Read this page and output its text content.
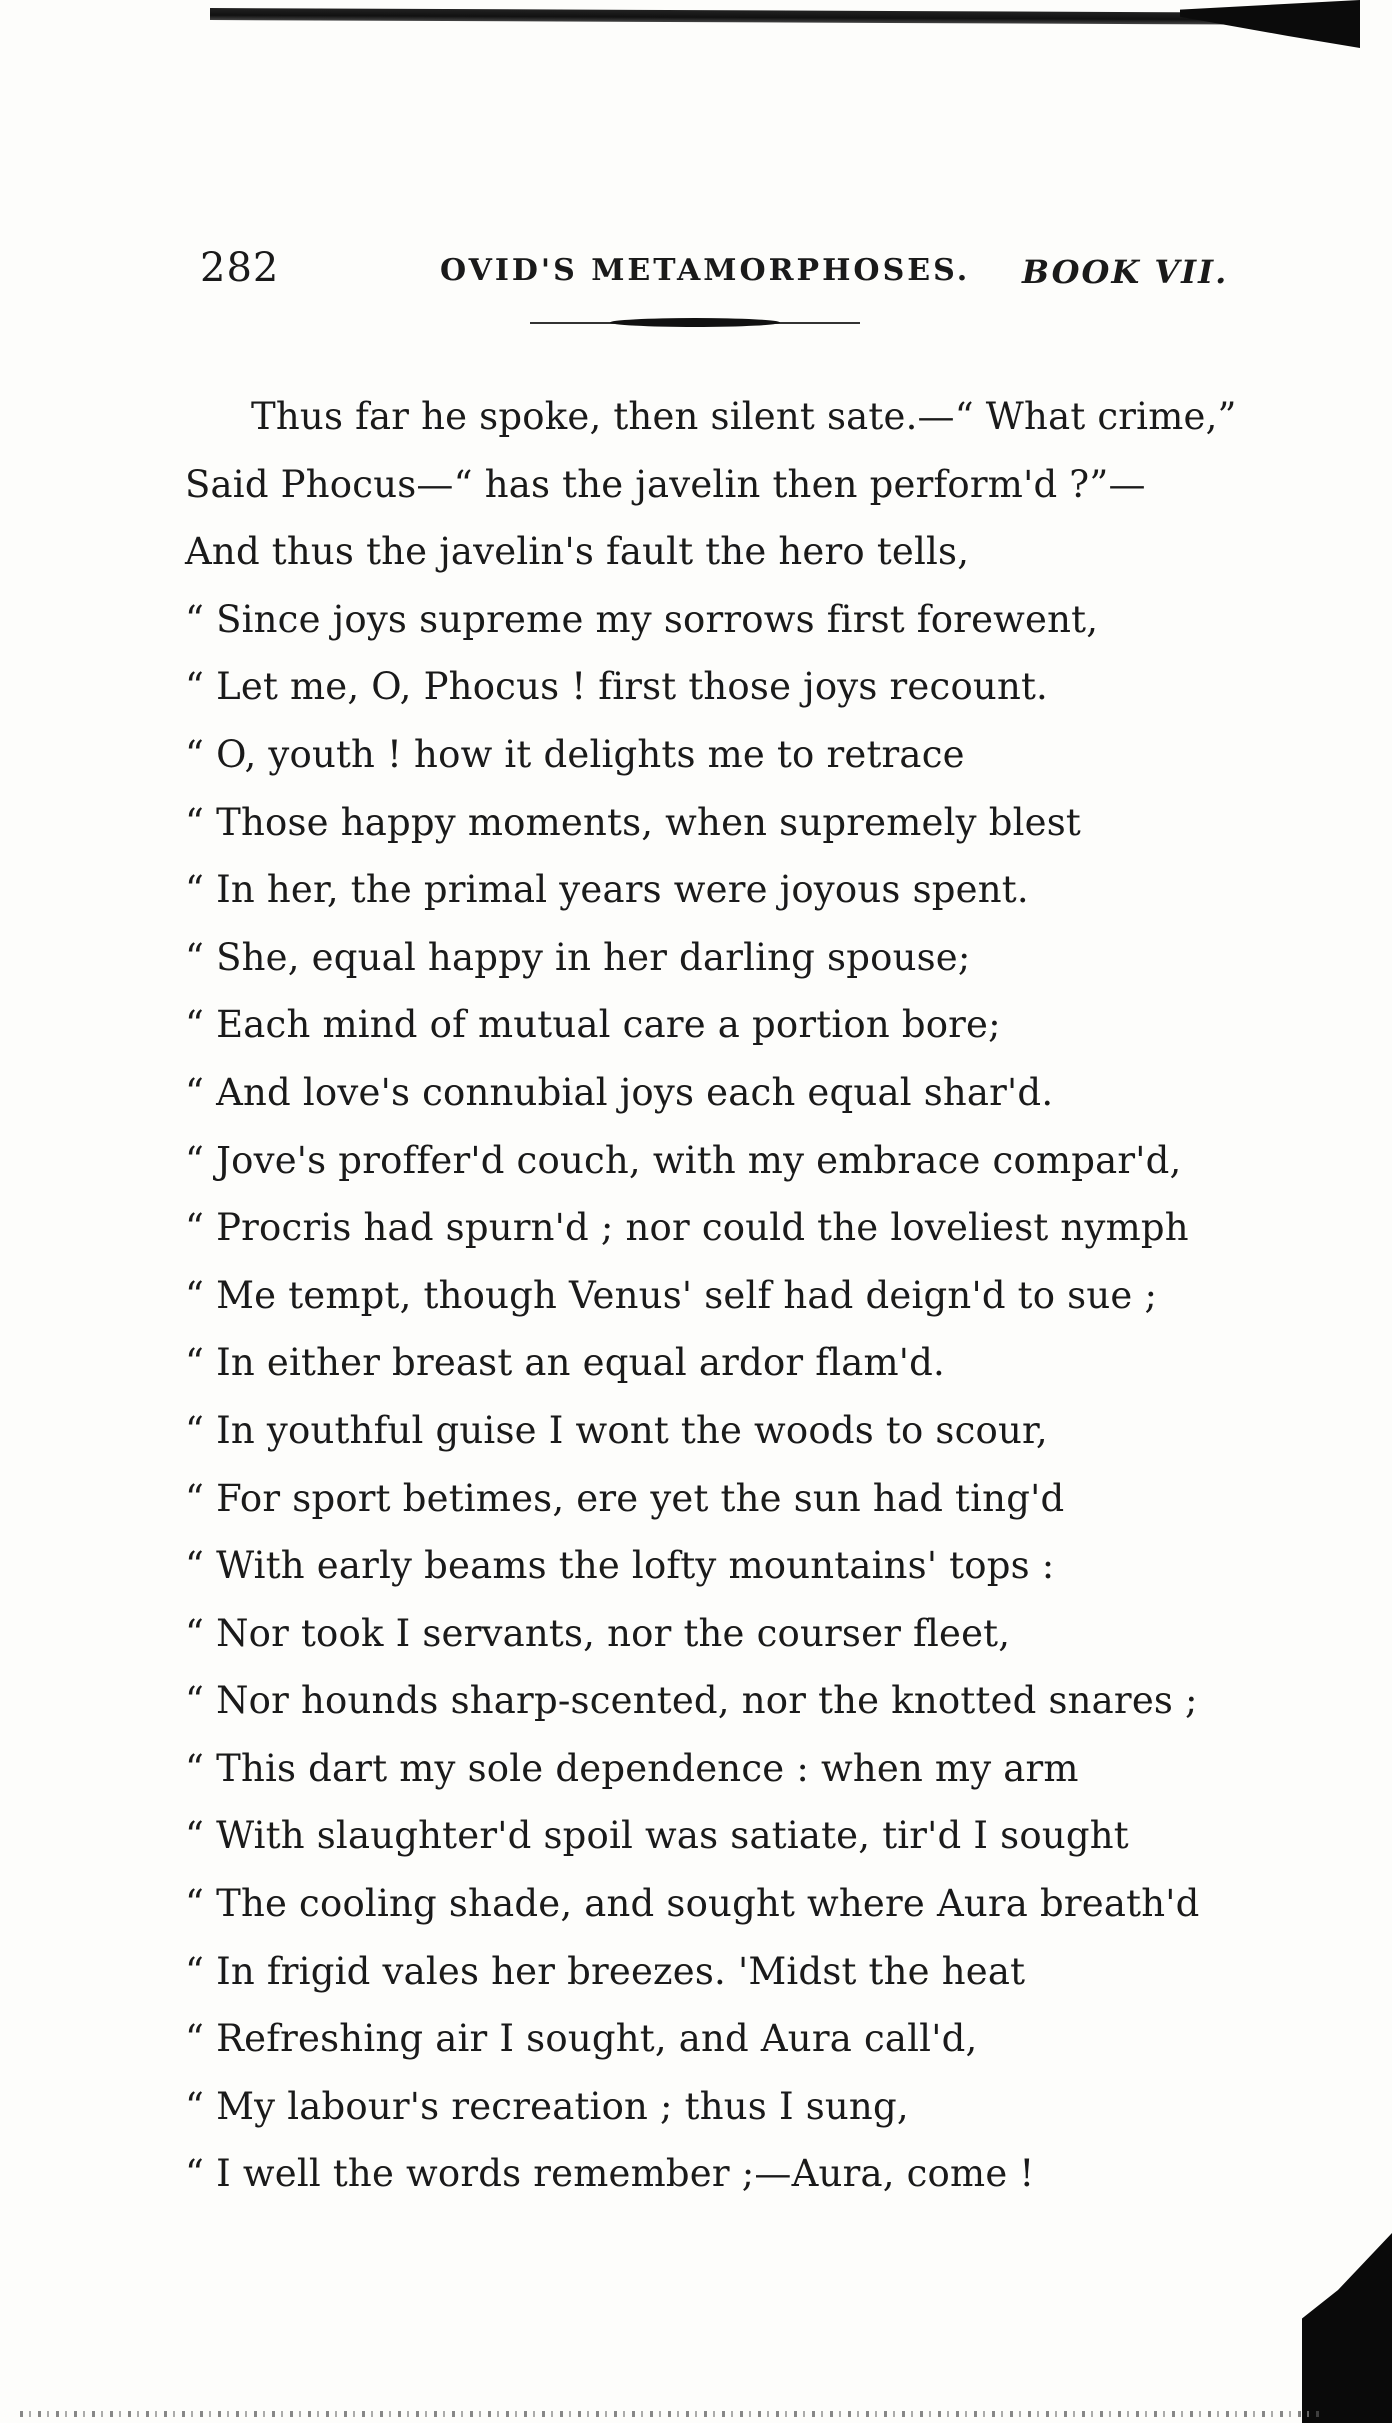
282	OVID'S METAMORPHOSES. BOOK VII.
Thus far he spoke, then silent sate.—“ What crime,”
Said Phocus—“ has the javelin then perform'd ?”—
And thus the javelin's fault the hero tells,
“ Since joys supreme my sorrows first forewent,
“ Let me, O, Phocus ! first those joys recount.
“ O, youth ! how it delights me to retrace
“ Those happy moments, when supremely blest
“ In her, the primal years were joyous spent.
“ She, equal happy in her darling spouse;
“ Each mind of mutual care a portion bore;
“ And love's connubial joys each equal shar'd.
“ Jove's proffer'd couch, with my embrace compar'd,
“ Procris had spurn'd ; nor could the loveliest nymph
“ Me tempt, though Venus' self had deign'd to sue ;
“ In either breast an equal ardor flam'd.
“ In youthful guise I wont the woods to scour,
“ For sport betimes, ere yet the sun had ting'd
“ With early beams the lofty mountains' tops :
“ Nor took I servants, nor the courser fleet,
“ Nor hounds sharp-scented, nor the knotted snares ;
“ This dart my sole dependence : when my arm
“ With slaughter'd spoil was satiate, tir'd I sought
“ The cooling shade, and sought where Aura breath'd
“ In frigid vales her breezes. 'Midst the heat
“ Refreshing air I sought, and Aura call'd,
“ My labour's recreation ; thus I sung,
“ I well the words remember ;—Aura, come !
